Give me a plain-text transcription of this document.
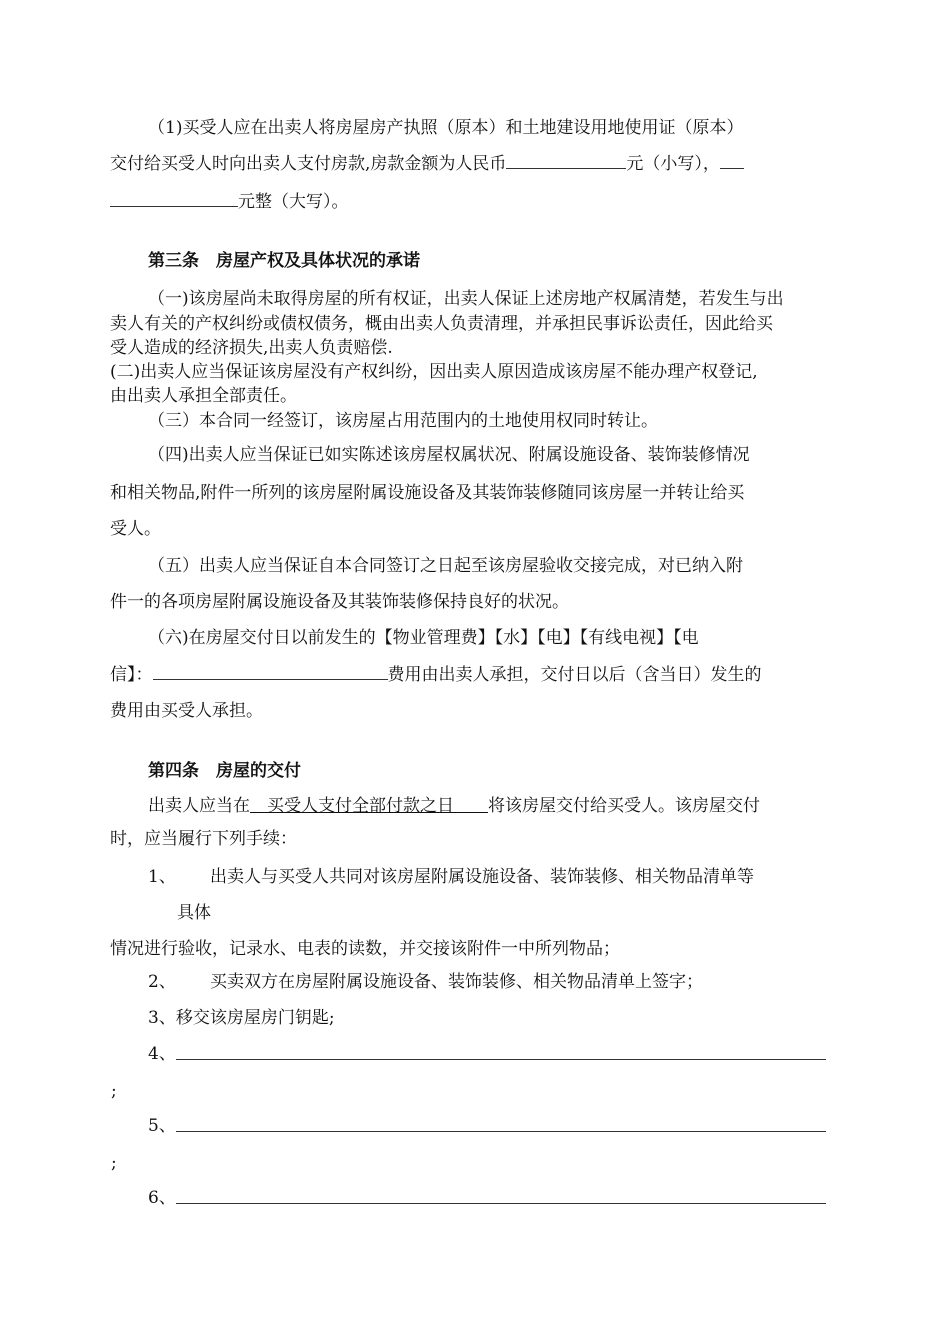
（1)买受人应在出卖人将房屋房产执照（原本）和土地建设用地使用证（原本）
交付给买受人时向出卖人支付房款,房款金额为人民币	元（小写），
元整（大写）。
第三条　房屋产权及具体状况的承诺
（一)该房屋尚未取得房屋的所有权证，出卖人保证上述房地产权属清楚，若发生与出
卖人有关的产权纠纷或债权债务，概由出卖人负责清理，并承担民事诉讼责任，因此给买
受人造成的经济损失,出卖人负责赔偿.
(二)出卖人应当保证该房屋没有产权纠纷，因出卖人原因造成该房屋不能办理产权登记,
由出卖人承担全部责任。
（三）本合同一经签订，该房屋占用范围内的土地使用权同时转让。
（四)出卖人应当保证已如实陈述该房屋权属状况、附属设施设备、装饰装修情况
和相关物品,附件一所列的该房屋附属设施设备及其装饰装修随同该房屋一并转让给买
受人。
（五）出卖人应当保证自本合同签订之日起至该房屋验收交接完成，对已纳入附
件一的各项房屋附属设施设备及其装饰装修保持良好的状况。
（六)在房屋交付日以前发生的【物业管理费】【水】【电】【有线电视】【电
信】：	费用由出卖人承担，交付日以后（含当日）发生的
费用由买受人承担。
第四条　房屋的交付
出卖人应当在　 买受人支付全部付款之日　　 将该房屋交付给买受人。该房屋交付
时，应当履行下列手续：
1、 出卖人与买受人共同对该房屋附属设施设备、装饰装修、相关物品清单等
具体
情况进行验收，记录水、电表的读数，并交接该附件一中所列物品；
2、 买卖双方在房屋附属设施设备、装饰装修、相关物品清单上签字；
3、移交该房屋房门钥匙;
4、
;
5、
;
6、
